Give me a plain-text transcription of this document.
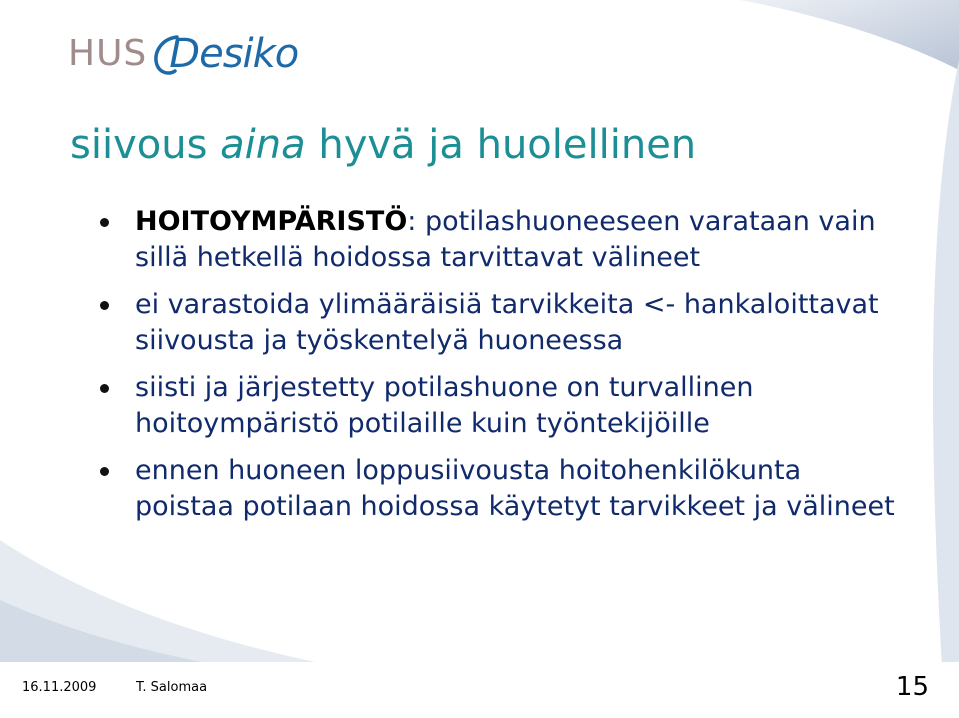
HUS Desiko
siivous aina hyvä ja huolellinen
HOITOYMPÄRISTÖ: potilashuoneeseen varataan vain sillä hetkellä hoidossa tarvittavat välineet
ei varastoida ylimääräisiä tarvikkeita <- hankaloittavat siivousta ja työskentelyä huoneessa
siisti ja järjestetty potilashuone on turvallinen hoitoympäristö potilaille kuin työntekijöille
ennen huoneen loppusiivousta hoitohenkilökunta poistaa potilaan hoidossa käytetyt tarvikkeet ja välineet
16.11.2009	T. Salomaa	15
